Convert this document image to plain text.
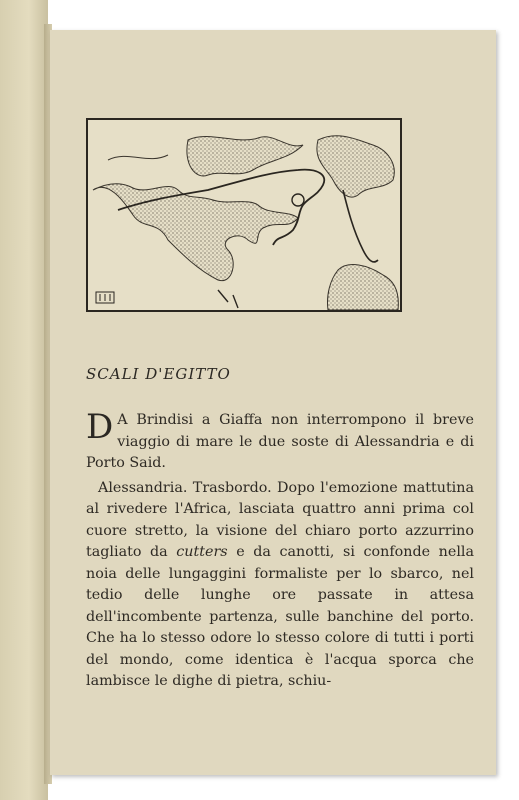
SCALI D'EGITTO

D A Brindisi a Giaffa non interrompono il breve viaggio di mare le due soste di Alessandria e di Porto Said.

Alessandria. Trasbordo. Dopo l'emozione mattutina al rivedere l'Africa, lasciata quattro anni prima col cuore stretto, la visione del chiaro porto azzurrino tagliato da cutters e da canotti, si confonde nella noia delle lungaggini formaliste per lo sbarco, nel tedio delle lunghe ore passate in attesa dell'incombente partenza, sulle banchine del porto. Che ha lo stesso odore lo stesso colore di tutti i porti del mondo, come identica è l'acqua sporca che lambisce le dighe di pietra, schiu-
